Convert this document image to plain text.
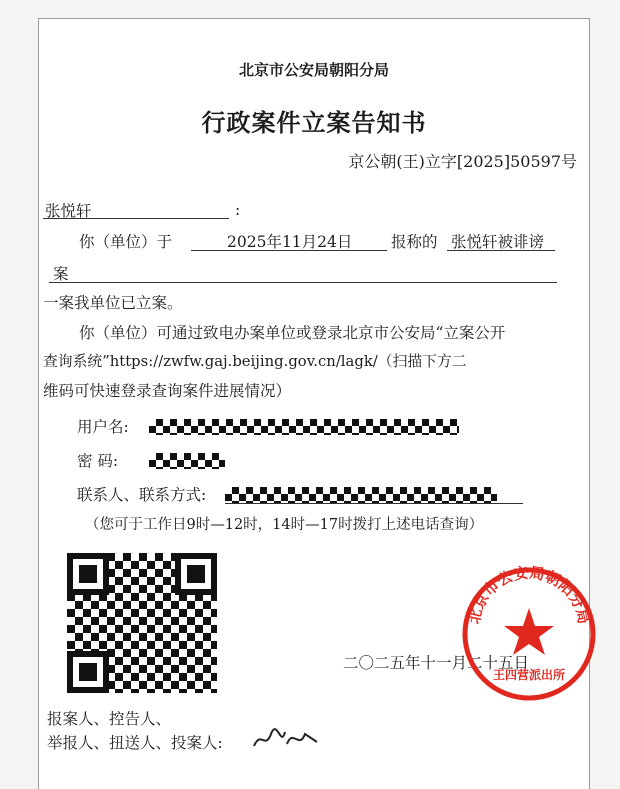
北京市公安局朝阳分局
行政案件立案告知书
京公朝(王)立字[2025]50597号
张悦轩	:
你（单位）于	2025年11月24日 报称的 张悦轩被诽谤
案
一案我单位已立案。
你（单位）可通过致电办案单位或登录北京市公安局“立案公开
查询系统”https://zwfw.gaj.beijing.gov.cn/lagk/（扫描下方二
维码可快速登录查询案件进展情况）
用户名:
密 码:
联系人、联系方式:
（您可于工作日9时—12时，14时—17时拨打上述电话查询）
二〇二五年十一月二十五日
北京市公安局朝阳分局
王四营派出所
报案人、控告人、
举报人、扭送人、投案人:
